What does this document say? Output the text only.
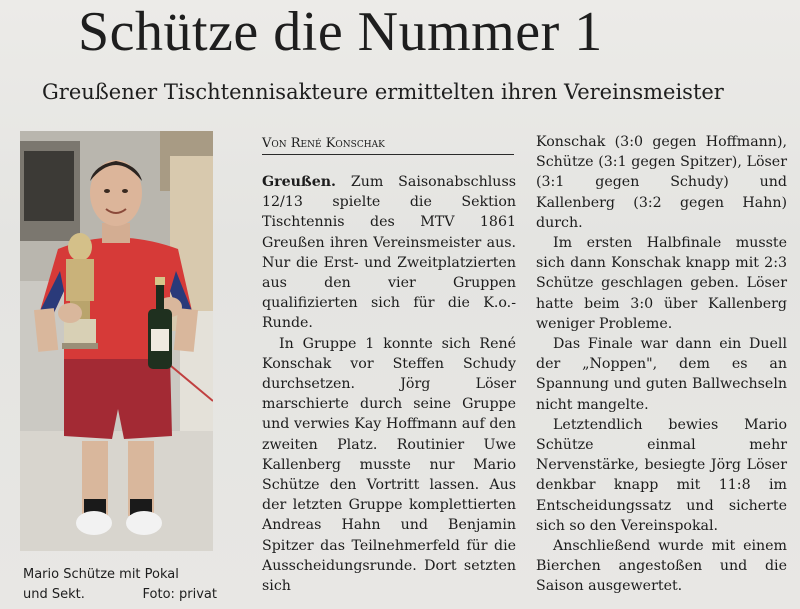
Schütze die Nummer 1
Greußener Tischtennisakteure ermittelten ihren Vereinsmeister
Mario Schütze mit Pokal
und Sekt.	Foto: privat
Von René Konschak

Greußen. Zum Saisonabschluss 12/13 spielte die Sektion Tischtennis des MTV 1861 Greußen ihren Vereinsmeister aus. Nur die Erst- und Zweitplatzierten aus den vier Gruppen qualifizierten sich für die K.o.-Runde.

In Gruppe 1 konnte sich René Konschak vor Steffen Schudy durchsetzen. Jörg Löser marschierte durch seine Gruppe und verwies Kay Hoffmann auf den zweiten Platz. Routinier Uwe Kallenberg musste nur Mario Schütze den Vortritt lassen. Aus der letzten Gruppe komplettierten Andreas Hahn und Benjamin Spitzer das Teilnehmerfeld für die Ausscheidungsrunde. Dort setzten sich

Konschak (3:0 gegen Hoffmann), Schütze (3:1 gegen Spitzer), Löser (3:1 gegen Schudy) und Kallenberg (3:2 gegen Hahn) durch.

Im ersten Halbfinale musste sich dann Konschak knapp mit 2:3 Schütze geschlagen geben. Löser hatte beim 3:0 über Kallenberg weniger Probleme.

Das Finale war dann ein Duell der „Noppen", dem es an Spannung und guten Ballwechseln nicht mangelte.

Letztendlich bewies Mario Schütze einmal mehr Nervenstärke, besiegte Jörg Löser denkbar knapp mit 11:8 im Entscheidungssatz und sicherte sich so den Vereinspokal.

Anschließend wurde mit einem Bierchen angestoßen und die Saison ausgewertet.
